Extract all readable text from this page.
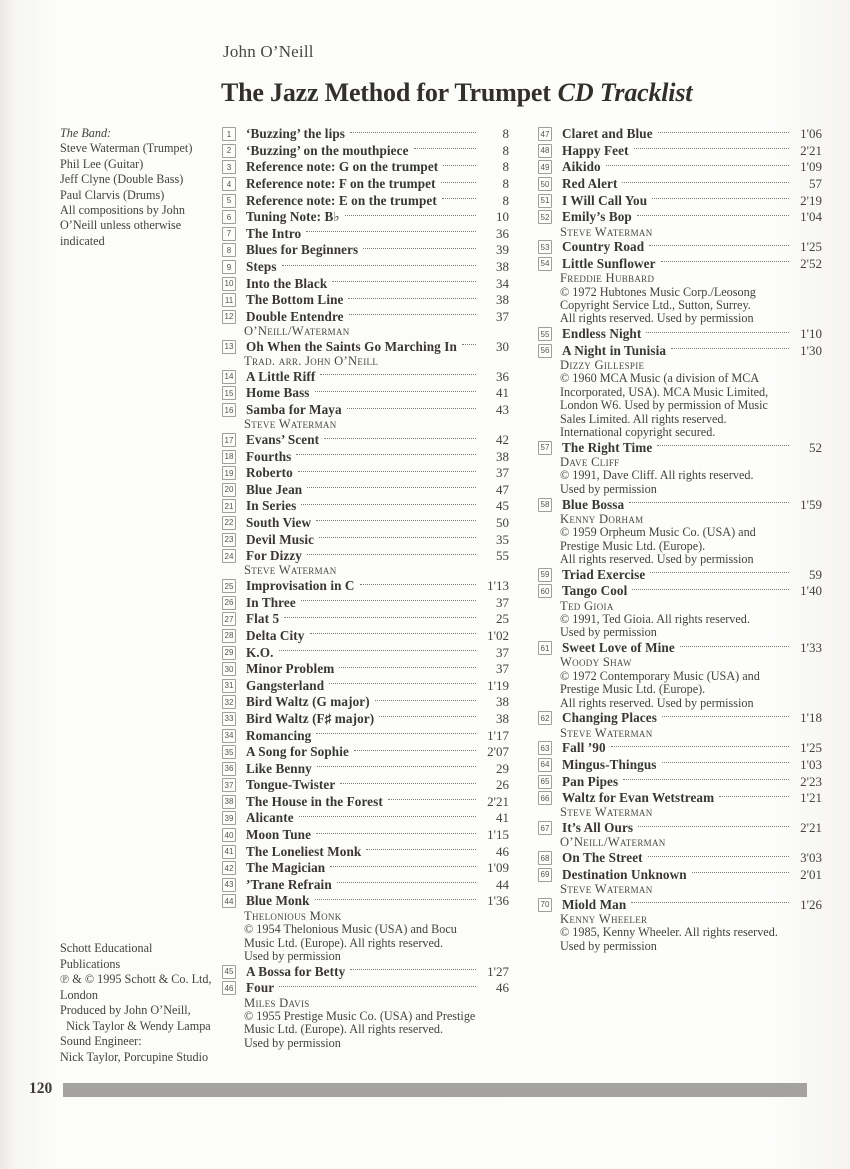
John O’Neill
The Jazz Method for Trumpet CD Tracklist
The Band:
Steve Waterman (Trumpet)
Phil Lee (Guitar)
Jeff Clyne (Double Bass)
Paul Clarvis (Drums)
All compositions by John
O’Neill unless otherwise
indicated
Schott Educational
Publications
℗ & © 1995 Schott & Co. Ltd,
London
Produced by John O’Neill,
Nick Taylor & Wendy Lampa
Sound Engineer:
Nick Taylor, Porcupine Studio
1	‘Buzzing’ the lips	8
2	‘Buzzing’ on the mouthpiece	8
3	Reference note: G on the trumpet	8
4	Reference note: F on the trumpet	8
5	Reference note: E on the trumpet	8
6	Tuning Note: B♭	10
7	The Intro	36
8	Blues for Beginners	39
9	Steps	38
10 Into the Black	34
11 The Bottom Line	38
12 Double Entendre	37
O’Neill/Waterman
13 Oh When the Saints Go Marching In	30
Trad. arr. John O’Neill
14 A Little Riff	36
15 Home Bass	41
16 Samba for Maya	43
Steve Waterman
17 Evans’ Scent	42
18 Fourths	38
19 Roberto	37
20 Blue Jean	47
21 In Series	45
22 South View	50
23 Devil Music	35
24 For Dizzy	55
Steve Waterman
25 Improvisation in C	1'13
26 In Three	37
27 Flat 5	25
28 Delta City	1'02
29 K.O.	37
30 Minor Problem	37
31 Gangsterland	1'19
32 Bird Waltz (G major)	38
33 Bird Waltz (F♯ major)	38
34 Romancing	1'17
35 A Song for Sophie	2'07
36 Like Benny	29
37 Tongue-Twister	26
38 The House in the Forest	2'21
39 Alicante	41
40 Moon Tune	1'15
41 The Loneliest Monk	46
42 The Magician	1'09
43 ’Trane Refrain	44
44 Blue Monk	1'36
Thelonious Monk
© 1954 Thelonious Music (USA) and Bocu
Music Ltd. (Europe). All rights reserved.
Used by permission
45 A Bossa for Betty	1'27
46 Four	46
Miles Davis
© 1955 Prestige Music Co. (USA) and Prestige
Music Ltd. (Europe). All rights reserved.
Used by permission
47 Claret and Blue	1'06
48 Happy Feet	2'21
49 Aikido	1'09
50 Red Alert	57
51 I Will Call You	2'19
52 Emily’s Bop	1'04
Steve Waterman
53 Country Road	1'25
54 Little Sunflower	2'52
Freddie Hubbard
© 1972 Hubtones Music Corp./Leosong
Copyright Service Ltd., Sutton, Surrey.
All rights reserved. Used by permission
55 Endless Night	1'10
56 A Night in Tunisia	1'30
Dizzy Gillespie
© 1960 MCA Music (a division of MCA
Incorporated, USA). MCA Music Limited,
London W6. Used by permission of Music
Sales Limited. All rights reserved.
International copyright secured.
57 The Right Time	52
Dave Cliff
© 1991, Dave Cliff. All rights reserved.
Used by permission
58 Blue Bossa	1'59
Kenny Dorham
© 1959 Orpheum Music Co. (USA) and
Prestige Music Ltd. (Europe).
All rights reserved. Used by permission
59 Triad Exercise	59
60 Tango Cool	1'40
Ted Gioia
© 1991, Ted Gioia. All rights reserved.
Used by permission
61 Sweet Love of Mine	1'33
Woody Shaw
© 1972 Contemporary Music (USA) and
Prestige Music Ltd. (Europe).
All rights reserved. Used by permission
62 Changing Places	1'18
Steve Waterman
63 Fall ’90	1'25
64 Mingus-Thingus	1'03
65 Pan Pipes	2'23
66 Waltz for Evan Wetstream	1'21
Steve Waterman
67 It’s All Ours	2'21
O’Neill/Waterman
68 On The Street	3'03
69 Destination Unknown	2'01
Steve Waterman
70 Miold Man	1'26
Kenny Wheeler
© 1985, Kenny Wheeler. All rights reserved.
Used by permission
120
